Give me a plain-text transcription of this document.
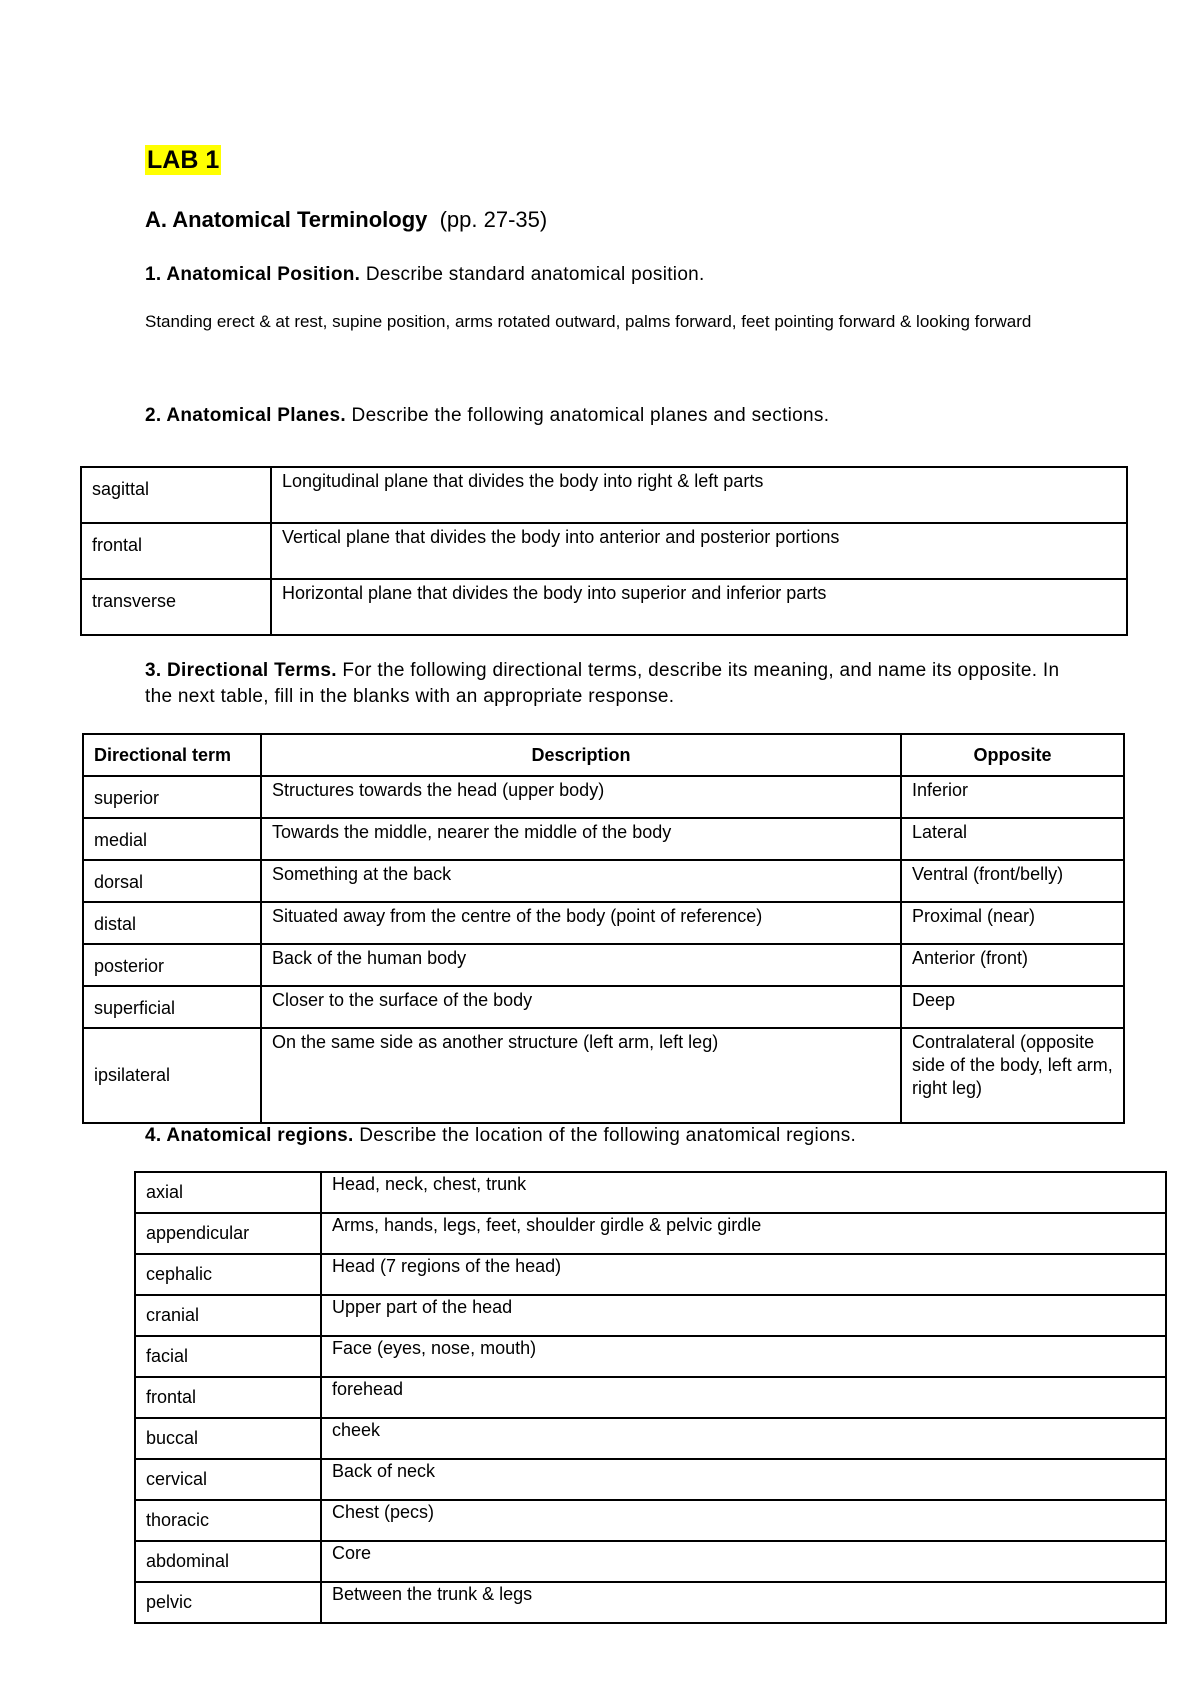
LAB 1
A. Anatomical Terminology (pp. 27-35)
1. Anatomical Position. Describe standard anatomical position.
Standing erect & at rest, supine position, arms rotated outward, palms forward, feet pointing forward & looking forward
2. Anatomical Planes. Describe the following anatomical planes and sections.
sagittal	Longitudinal plane that divides the body into right & left parts
frontal	Vertical plane that divides the body into anterior and posterior portions
transverse	Horizontal plane that divides the body into superior and inferior parts
3. Directional Terms. For the following directional terms, describe its meaning, and name its opposite. In the next table, fill in the blanks with an appropriate response.
Directional term	Description	Opposite
superior	Structures towards the head (upper body)	Inferior
medial	Towards the middle, nearer the middle of the body	Lateral
dorsal	Something at the back	Ventral (front/belly)
distal	Situated away from the centre of the body (point of reference)	Proximal (near)
posterior	Back of the human body	Anterior (front)
superficial	Closer to the surface of the body	Deep
ipsilateral	On the same side as another structure (left arm, left leg)	Contralateral (opposite side of the body, left arm, right leg)
4. Anatomical regions. Describe the location of the following anatomical regions.
axial	Head, neck, chest, trunk
appendicular	Arms, hands, legs, feet, shoulder girdle & pelvic girdle
cephalic	Head (7 regions of the head)
cranial	Upper part of the head
facial	Face (eyes, nose, mouth)
frontal	forehead
buccal	cheek
cervical	Back of neck
thoracic	Chest (pecs)
abdominal	Core
pelvic	Between the trunk & legs
